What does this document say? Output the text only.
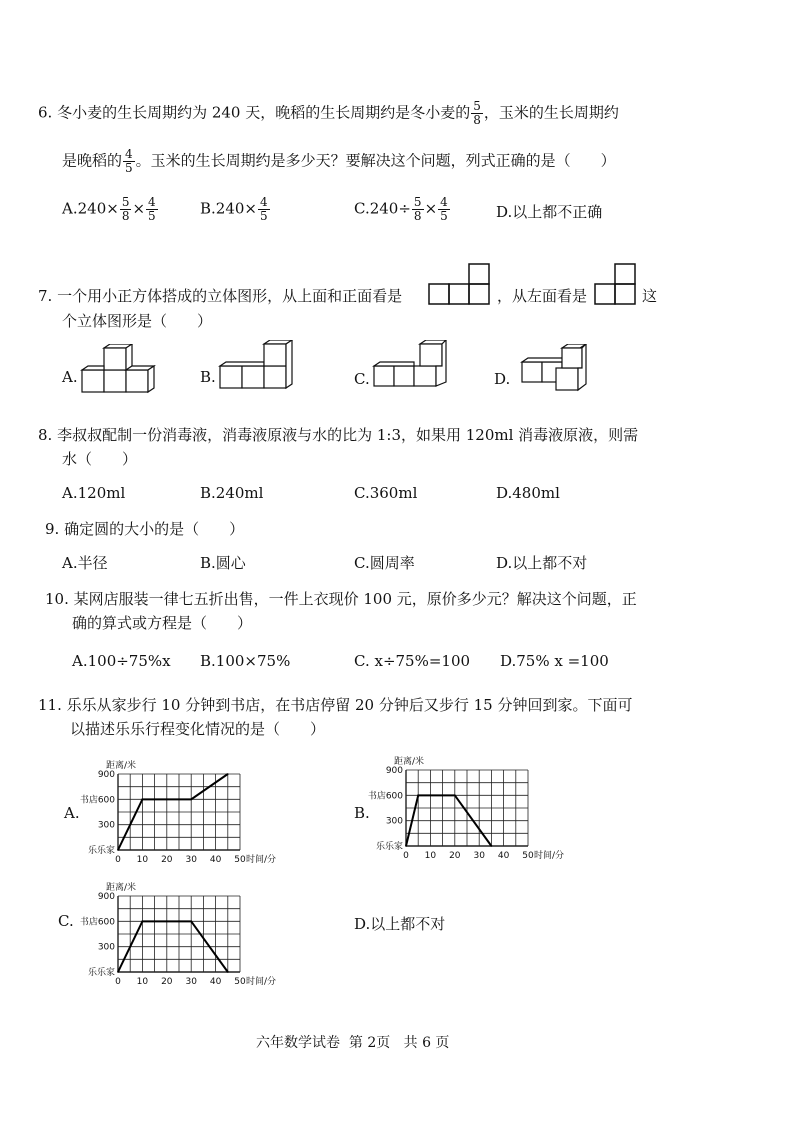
6. 冬小麦的生长周期约为 240 天，晚稻的生长周期约是冬小麦的 $\frac{5}{8}$ ，玉米的生长周期约
是晚稻的 $\frac{4}{5}$ 。玉米的生长周期约是多少天？要解决这个问题，列式正确的是（　　）
$A.240\times \frac{5}{8} \times \frac{4}{5}$	$B.240\times \frac{4}{5}$	$C.240\div \frac{5}{8} \times \frac{4}{5}$	D.以上都不正确
7. 一个用小正方体搭成的立体图形，从上面和正面看是	，从左面看是	这
个立体图形是（　　）
A.	B.	C.	D.
8. 李叔叔配制一份消毒液，消毒液原液与水的比为 1:3，如果用 120ml 消毒液原液，则需
水（　　）
A.120ml	B.240ml	C.360ml	D.480ml
9. 确定圆的大小的是（　　）
A.半径	B.圆心	C.圆周率	D.以上都不对
10. 某网店服装一律七五折出售，一件上衣现价 100 元，原价多少元？解决这个问题，正
确的算式或方程是（　　）
A.100÷75%x B.100×75%	C. x÷75%=100 D.75% x =100
11. 乐乐从家步行 10 分钟到书店，在书店停留 20 分钟后又步行 15 分钟回到家。下面可
以描述乐乐行程变化情况的是（　　）
A.
距离/米
0 10 20 30 40 50 时间/分
乐乐家
300
书店600
900
B.
距离/米
0 10 20 30 40 50 时间/分
乐乐家
300
书店600
900
C.
距离/米
0 10 20 30 40 50 时间/分
乐乐家
300
书店600
900
D.以上都不对
六年数学试卷 第 2页 共 6 页
